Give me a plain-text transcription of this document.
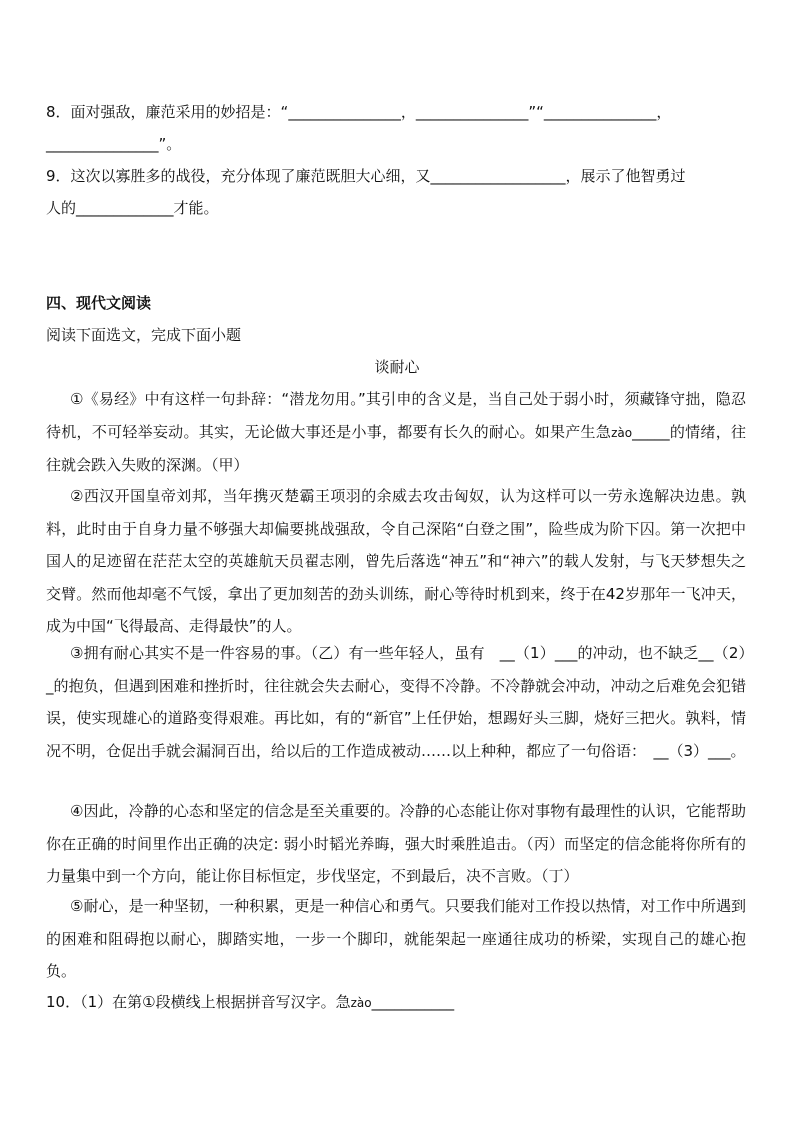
8．面对强敌，廉范采用的妙招是：“_______________，_______________”“_______________，
_______________”。
9．这次以寡胜多的战役，充分体现了廉范既胆大心细，又__________________，展示了他智勇过
人的_____________才能。
四、现代文阅读
阅读下面选文，完成下面小题
谈耐心
①《易经》中有这样一句卦辞：“潜龙勿用。”其引申的含义是，当自己处于弱小时，须藏锋守拙，隐忍待机，不可轻举妄动。其实，无论做大事还是小事，都要有长久的耐心。如果产生急zào_____的情绪，往往就会跌入失败的深渊。（甲）
②西汉开国皇帝刘邦，当年携灭楚霸王项羽的余威去攻击匈奴，认为这样可以一劳永逸解决边患。孰料，此时由于自身力量不够强大却偏要挑战强敌，令自己深陷“白登之围”，险些成为阶下囚。第一次把中国人的足迹留在茫茫太空的英雄航天员翟志刚，曾先后落选“神五”和“神六”的载人发射，与飞天梦想失之交臂。然而他却毫不气馁，拿出了更加刻苦的劲头训练，耐心等待时机到来，终于在42岁那年一飞冲天，成为中国“飞得最高、走得最快”的人。
③拥有耐心其实不是一件容易的事。（乙）有一些年轻人，虽有　__（1）___的冲动，也不缺乏__（2）_的抱负，但遇到困难和挫折时，往往就会失去耐心，变得不冷静。不冷静就会冲动，冲动之后难免会犯错误，使实现雄心的道路变得艰难。再比如，有的“新官”上任伊始，想踢好头三脚，烧好三把火。孰料，情况不明，仓促出手就会漏洞百出，给以后的工作造成被动……以上种种，都应了一句俗语：　__（3）___。
④因此，冷静的心态和坚定的信念是至关重要的。冷静的心态能让你对事物有最理性的认识，它能帮助你在正确的时间里作出正确的决定: 弱小时韬光养晦，强大时乘胜追击。（丙）而坚定的信念能将你所有的力量集中到一个方向，能让你目标恒定，步伐坚定，不到最后，决不言败。（丁）
⑤耐心，是一种坚韧，一种积累，更是一种信心和勇气。只要我们能对工作投以热情，对工作中所遇到的困难和阻碍抱以耐心，脚踏实地，一步一个脚印，就能架起一座通往成功的桥梁，实现自己的雄心抱负。
10．（1）在第①段横线上根据拼音写汉字。急zào___________
